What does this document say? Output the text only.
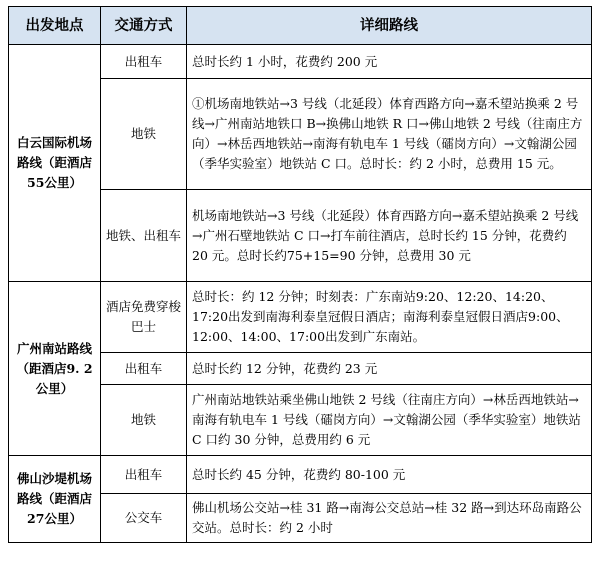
出发地点	交通方式	详细路线
白云国际机场路线（距酒店55公里）	出租车	总时长约 1 小时，花费约 200 元
	地铁	①机场南地铁站→3 号线（北延段）体育西路方向→嘉禾望站换乘 2 号线→广州南站地铁口 B→换佛山地铁 R 口→佛山地铁 2 号线（往南庄方向）→林岳西地铁站→南海有轨电车 1 号线（礌岗方向）→文翰湖公园（季华实验室）地铁站 C 口。总时长：约 2 小时，总费用 15 元。
	地铁、出租车	机场南地铁站→3 号线（北延段）体育西路方向→嘉禾望站换乘 2 号线→广州石壁地铁站 C 口→打车前往酒店，总时长约 15 分钟，花费约 20 元。总时长约75+15=90 分钟，总费用 30 元
广州南站路线（距酒店9. 2公里）	酒店免费穿梭巴士	总时长：约 12 分钟；时刻表：广东南站9:20、12:20、14:20、17:20出发到南海利泰皇冠假日酒店；南海利泰皇冠假日酒店9:00、12:00、14:00、17:00出发到广东南站。
	出租车	总时长约 12 分钟，花费约 23 元
	地铁	广州南站地铁站乘坐佛山地铁 2 号线（往南庄方向）→林岳西地铁站→南海有轨电车 1 号线（礌岗方向）→文翰湖公园（季华实验室）地铁站 C 口约 30 分钟，总费用约 6 元
佛山沙堤机场路线（距酒店27公里）	出租车	总时长约 45 分钟，花费约 80-100 元
	公交车	佛山机场公交站→桂 31 路→南海公交总站→桂 32 路→到达环岛南路公交站。总时长：约 2 小时
